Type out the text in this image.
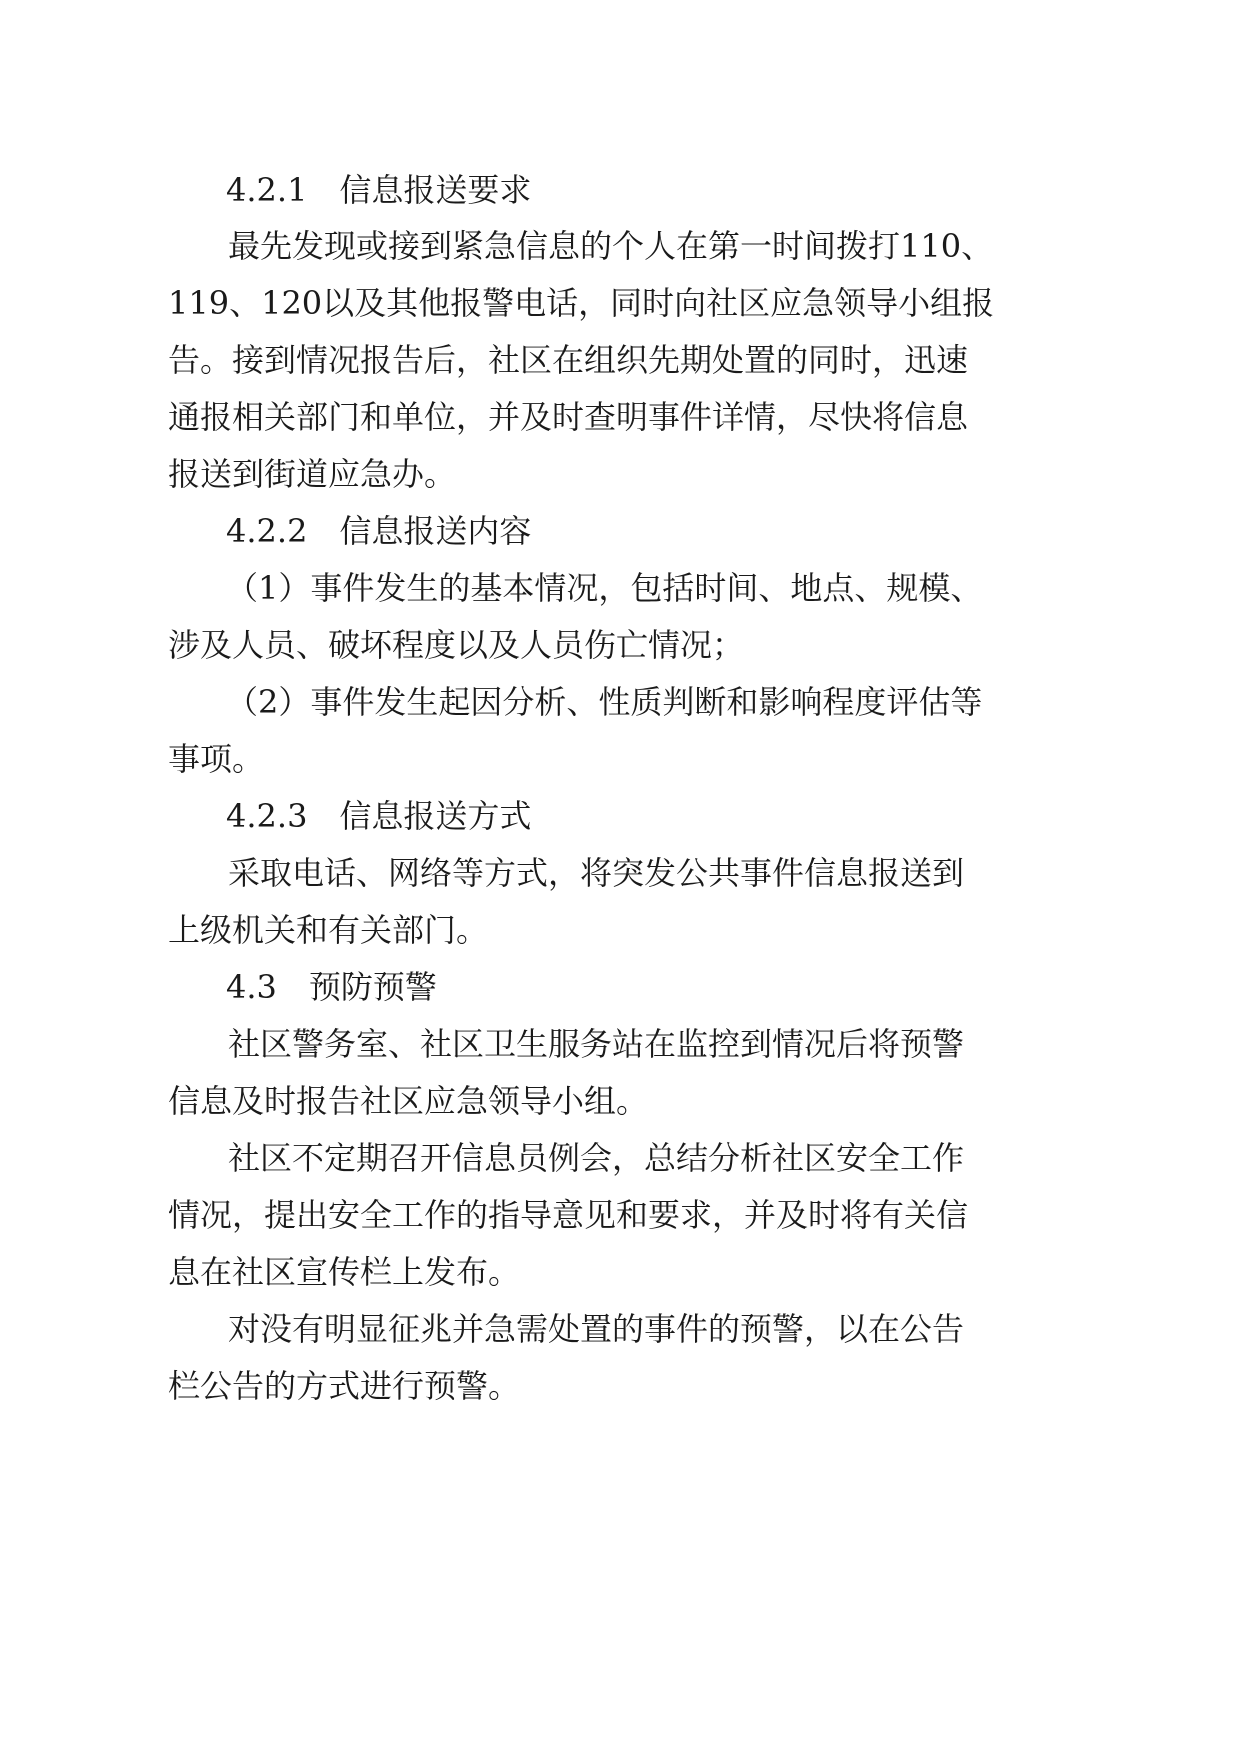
4.2.1　信息报送要求
最先发现或接到紧急信息的个人在第一时间拨打110、
119、120以及其他报警电话，同时向社区应急领导小组报
告。接到情况报告后，社区在组织先期处置的同时，迅速
通报相关部门和单位，并及时查明事件详情，尽快将信息
报送到街道应急办。
4.2.2　信息报送内容
（1）事件发生的基本情况，包括时间、地点、规模、
涉及人员、破坏程度以及人员伤亡情况；
（2）事件发生起因分析、性质判断和影响程度评估等
事项。
4.2.3　信息报送方式
采取电话、网络等方式，将突发公共事件信息报送到
上级机关和有关部门。
4.3　预防预警
社区警务室、社区卫生服务站在监控到情况后将预警
信息及时报告社区应急领导小组。
社区不定期召开信息员例会，总结分析社区安全工作
情况，提出安全工作的指导意见和要求，并及时将有关信
息在社区宣传栏上发布。
对没有明显征兆并急需处置的事件的预警，以在公告
栏公告的方式进行预警。
